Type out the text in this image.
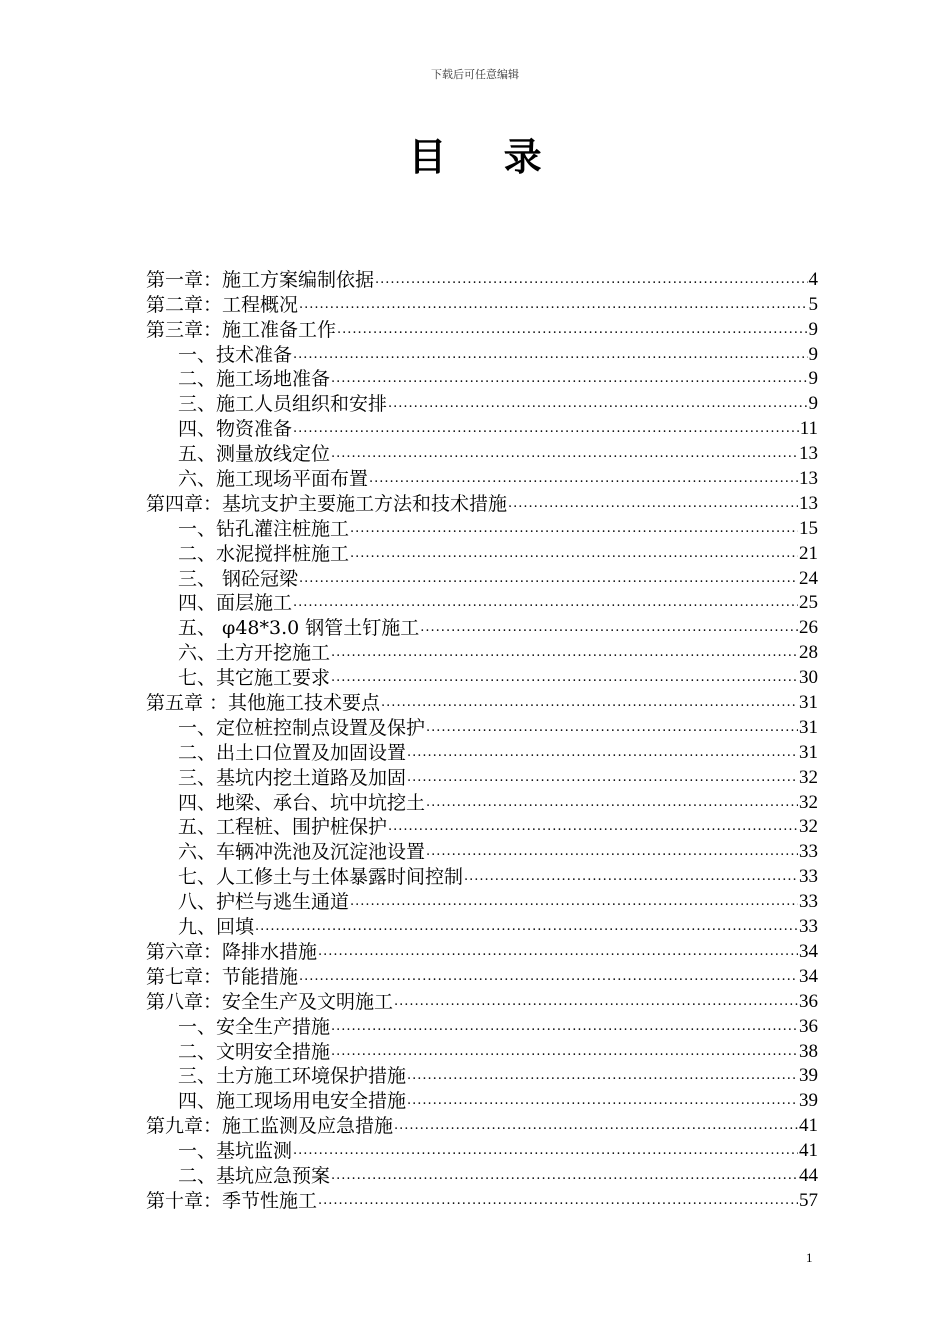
下载后可任意编辑
目 录
第一章：施工方案编制依据 .....	4
第二章：工程概况 .....	5
第三章：施工准备工作 .....	9
一、技术准备 .....	9
二、施工场地准备 .....	9
三、施工人员组织和安排 .....	9
四、物资准备 .....	11
五、测量放线定位 .....	13
六、施工现场平面布置 .....	13
第四章：基坑支护主要施工方法和技术措施 .....	13
一、钻孔灌注桩施工 .....	15
二、水泥搅拌桩施工 .....	21
三、 钢砼冠梁 .....	24
四、面层施工 .....	25
五、 φ48*3.0 钢管土钉施工 .....	26
六、土方开挖施工 .....	28
七、其它施工要求 .....	30
第五章 ：其他施工技术要点 .....	31
一、定位桩控制点设置及保护 .....	31
二、出土口位置及加固设置 .....	31
三、基坑内挖土道路及加固 .....	32
四、地梁、承台、坑中坑挖土 .....	32
五、工程桩、围护桩保护 .....	32
六、车辆冲洗池及沉淀池设置 .....	33
七、人工修土与土体暴露时间控制 .....	33
八、护栏与逃生通道 .....	33
九、回填 .....	33
第六章：降排水措施 .....	34
第七章：节能措施 .....	34
第八章：安全生产及文明施工 .....	36
一、安全生产措施 .....	36
二、文明安全措施 .....	38
三、土方施工环境保护措施 .....	39
四、施工现场用电安全措施 .....	39
第九章：施工监测及应急措施 .....	41
一、基坑监测 .....	41
二、基坑应急预案 .....	44
第十章：季节性施工 .....	57
1
